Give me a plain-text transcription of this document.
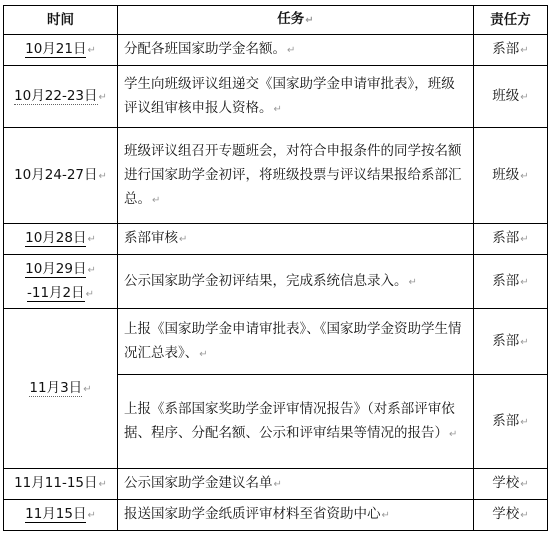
时间	任务↵	责任方
10月21日↵	分配各班国家助学金名额。↵	系部↵
10月22-23日↵	学生向班级评议组递交《国家助学金申请审批表》，班级评议组审核申报人资格。↵	班级↵
10月24-27日↵	班级评议组召开专题班会，对符合申报条件的同学按名额进行国家助学金初评，将班级投票与评议结果报给系部汇总。↵	班级↵
10月28日↵	系部审核↵	系部↵

10月29日↵
-11月2日↵	公示国家助学金初评结果，完成系统信息录入。↵	系部↵
11月3日↵	上报《国家助学金申请审批表》、《国家助学金资助学生情况汇总表》、↵	系部↵
	上报《系部国家奖助学金评审情况报告》（对系部评审依据、程序、分配名额、公示和评审结果等情况的报告）↵	系部↵
11月11-15日↵	公示国家助学金建议名单↵	学校↵
11月15日↵	报送国家助学金纸质评审材料至省资助中心↵	学校↵
